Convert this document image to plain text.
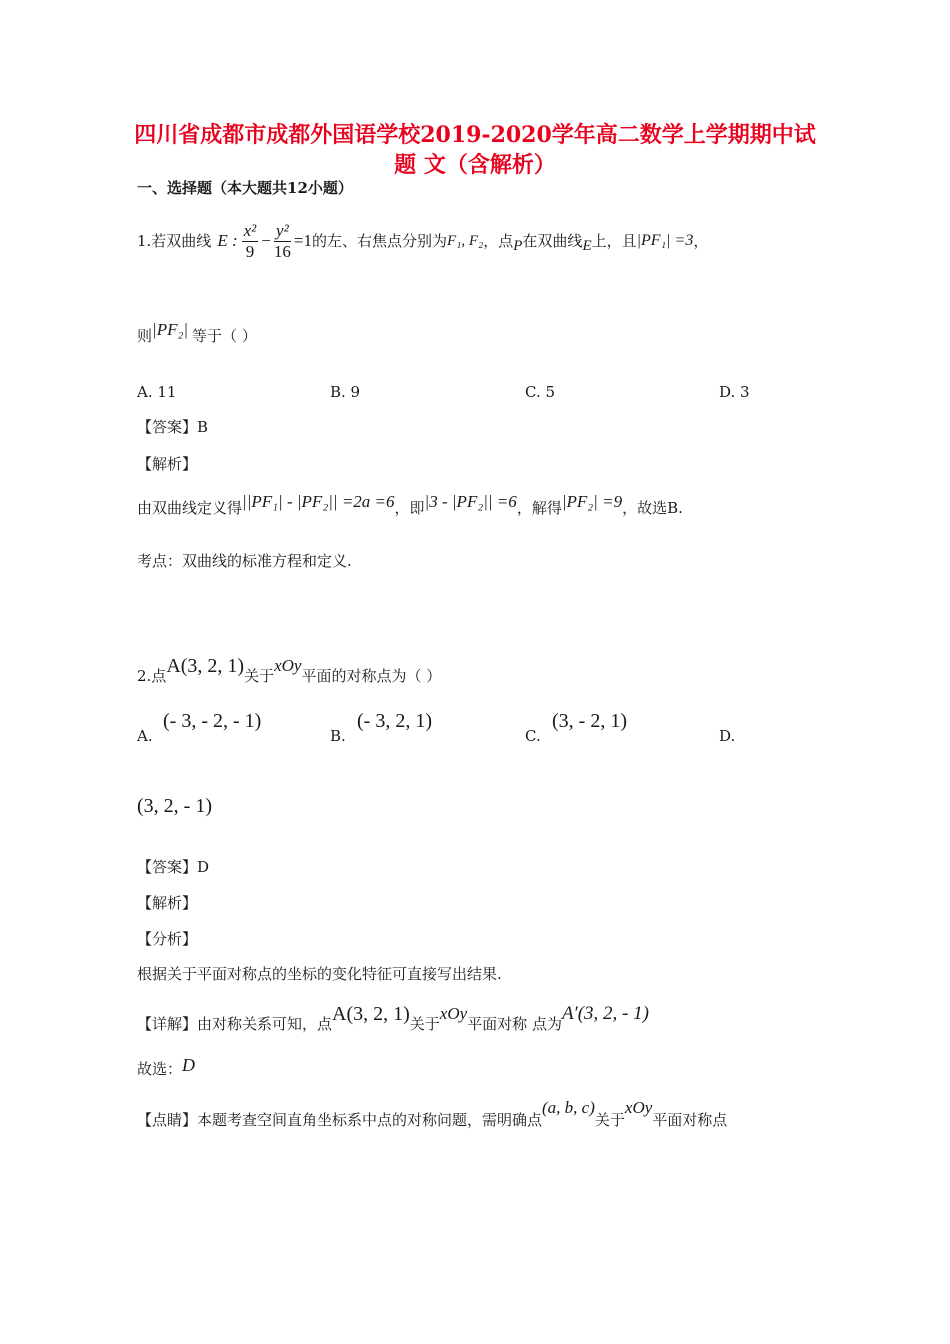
四川省成都市成都外国语学校2019-2020学年高二数学上学期期中试
题 文（含解析）
一、选择题（本大题共12小题）
1.若双曲线 E : $\frac{\text{x²}}{9} - \frac{\text{y²}}{16} =1$ 的左、右焦点分别为 F₁, F₂ ，点 P 在双曲线 E 上，且 |PF₁| =3 ，
则 |PF₂| 等于（ ）
A. 11	B. 9	C. 5	D. 3
【答案】B
【解析】
由双曲线定义得 ||PF₁| - |PF₂|| =2a =6 ，即 |3 - |PF₂|| =6 ，解得 |PF₂| =9 ，故选B.
考点：双曲线的标准方程和定义.
2.点 A(3, 2, 1) 关于
xOy
平面的对称点为（ ）
A.
(- 3, - 2, - 1)
B.
(- 3, 2, 1)
C.
(3, - 2, 1)
D.
(3, 2, - 1)
【答案】D
【解析】
【分析】
根据关于平面对称点的坐标的变化特征可直接写出结果.
【详解】由对称关系可知，点 A(3, 2, 1) 关于
xOy
平面对称 点为 A′(3, 2, - 1)
故选： D
【点睛】本题考查空间直角坐标系中点的对称问题，需明确点
(a, b, c)
关于
xOy
平面对称点
